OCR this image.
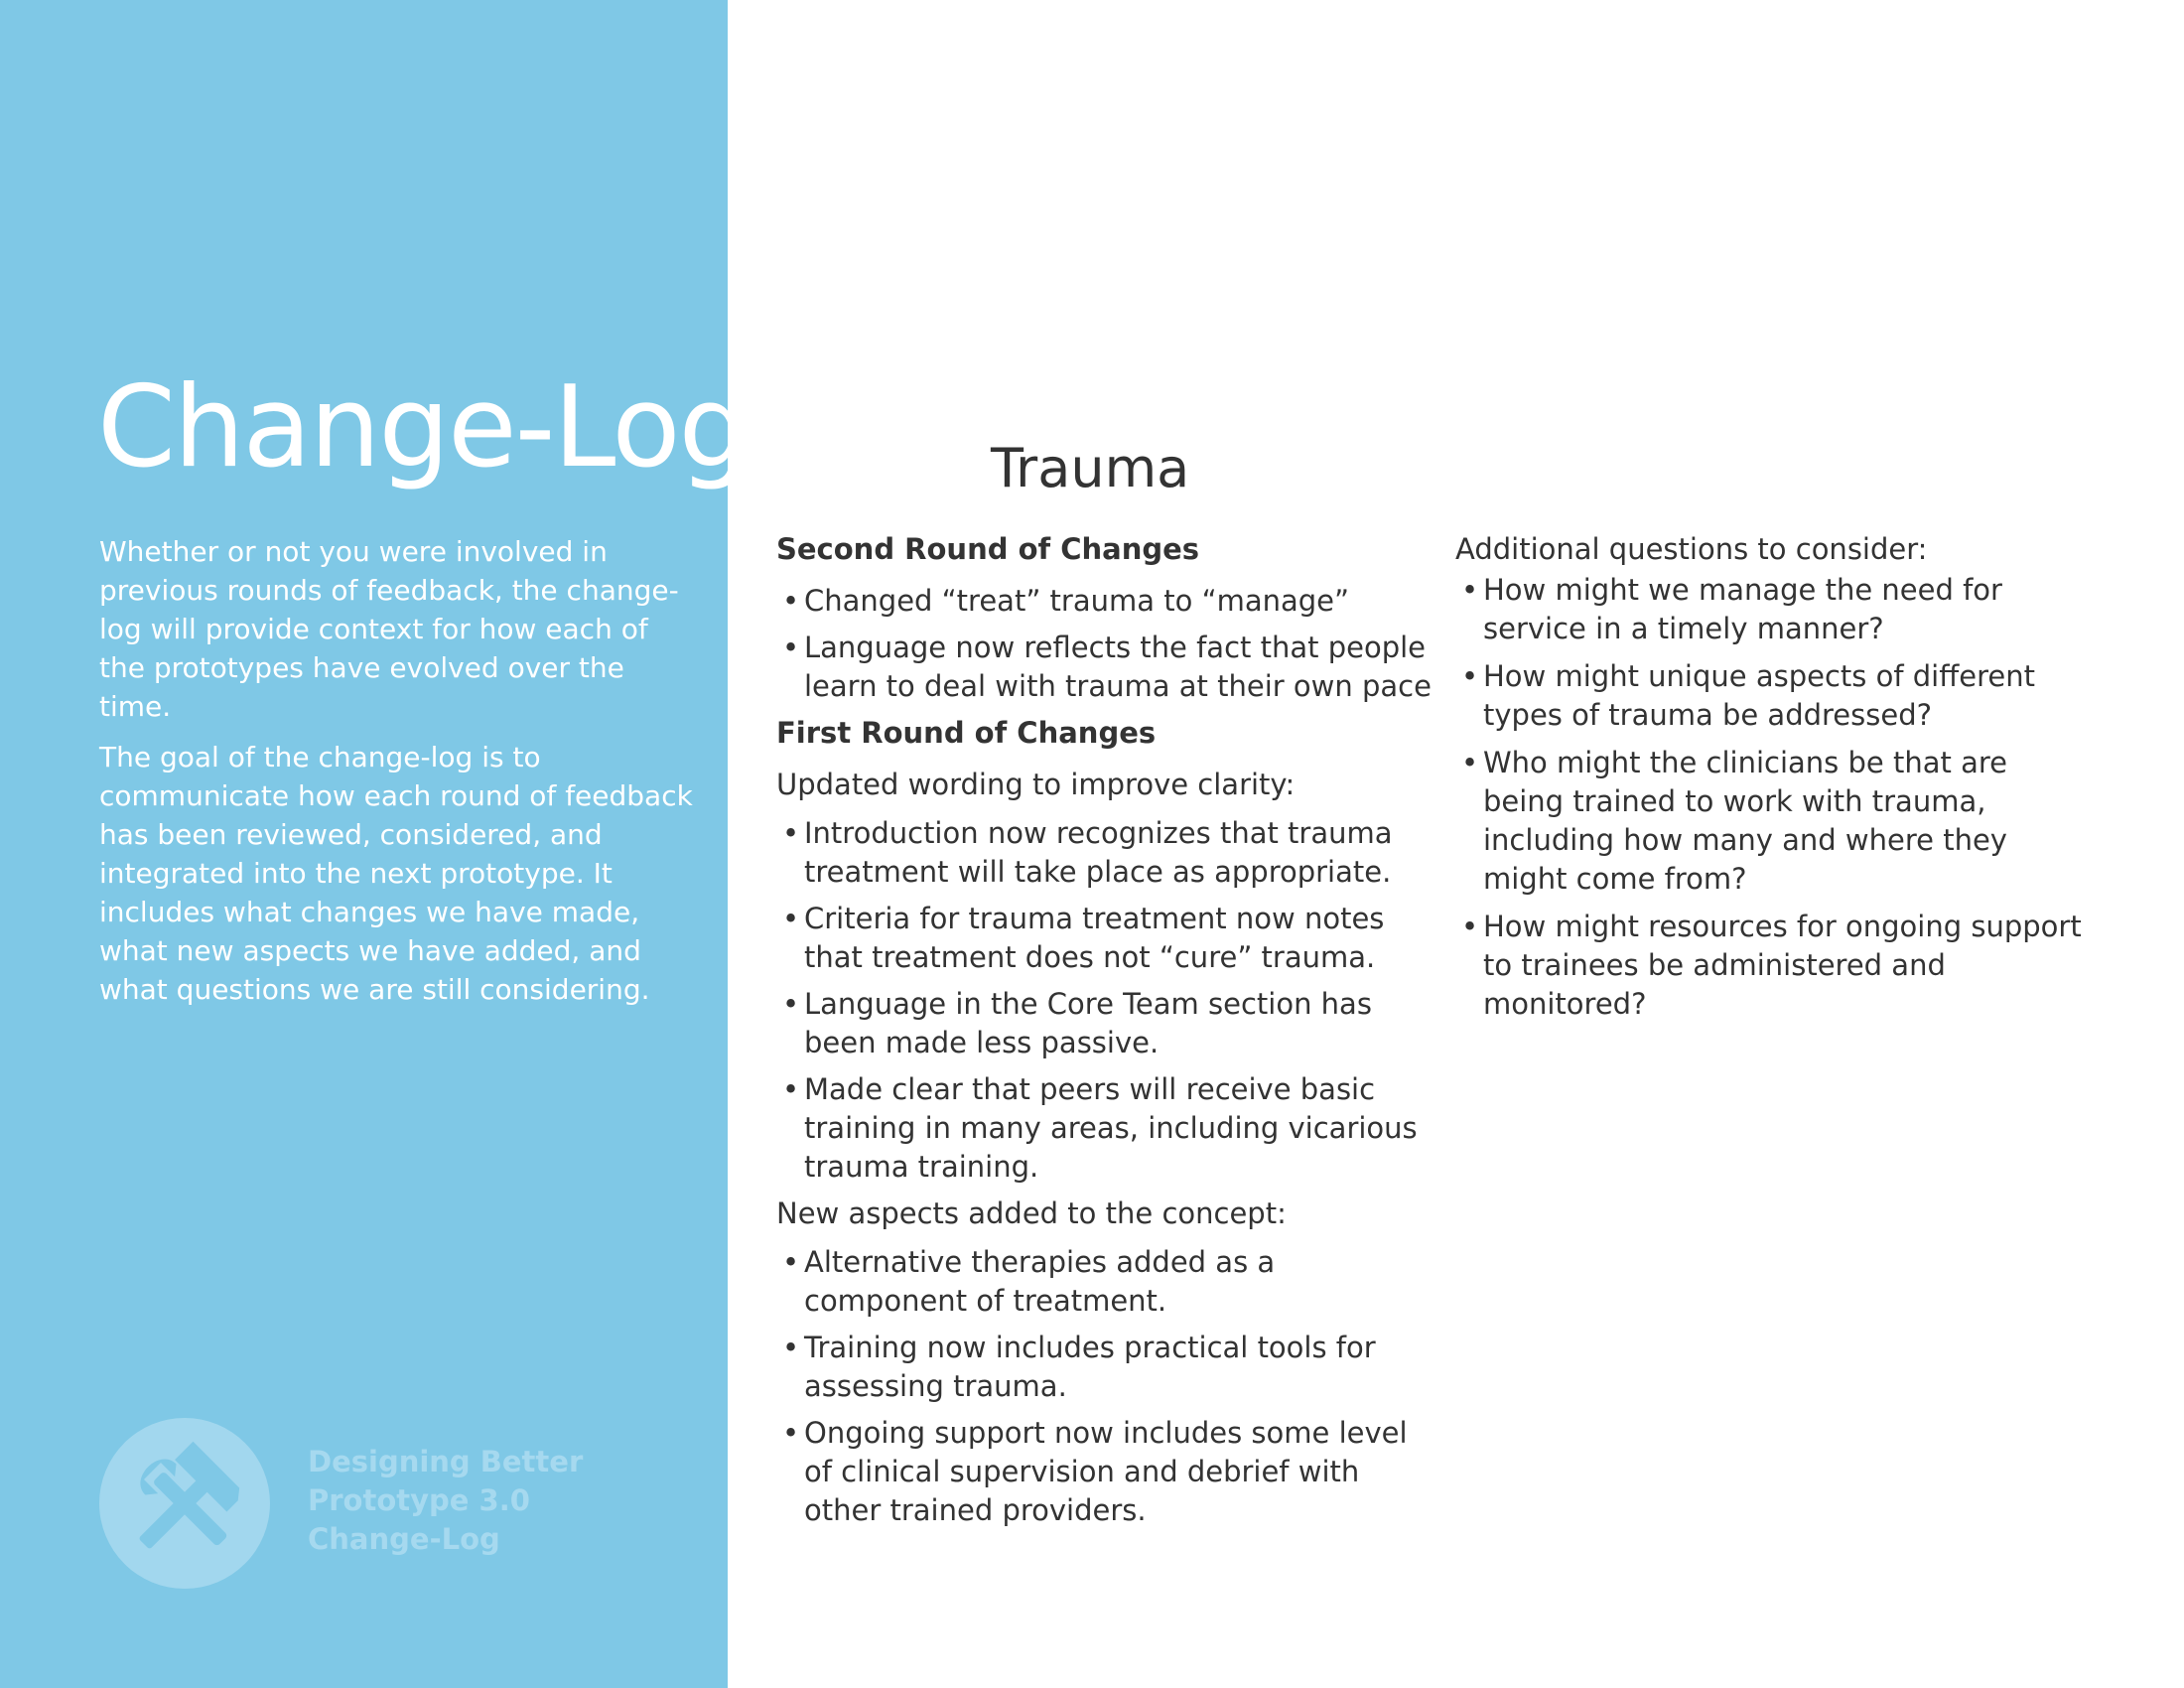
Change-Log

Whether or not you were involved in previous rounds of feedback, the change-log will provide context for how each of the prototypes have evolved over the time.

The goal of the change-log is to communicate how each round of feedback has been reviewed, considered, and integrated into the next prototype. It includes what changes we have made, what new aspects we have added, and what questions we are still considering.

Designing Better
Prototype 3.0
Change-Log
Trauma
Second Round of Changes
• Changed “treat” trauma to “manage”
• Language now reflects the fact that people learn to deal with trauma at their own pace
First Round of Changes
Updated wording to improve clarity:
• Introduction now recognizes that trauma treatment will take place as appropriate.
• Criteria for trauma treatment now notes that treatment does not “cure” trauma.
• Language in the Core Team section has been made less passive.
• Made clear that peers will receive basic training in many areas, including vicarious trauma training.
New aspects added to the concept:
• Alternative therapies added as a component of treatment.
• Training now includes practical tools for assessing trauma.
• Ongoing support now includes some level of clinical supervision and debrief with other trained providers.
Additional questions to consider:
• How might we manage the need for service in a timely manner?
• How might unique aspects of different types of trauma be addressed?
• Who might the clinicians be that are being trained to work with trauma, including how many and where they might come from?
• How might resources for ongoing support to trainees be administered and monitored?
